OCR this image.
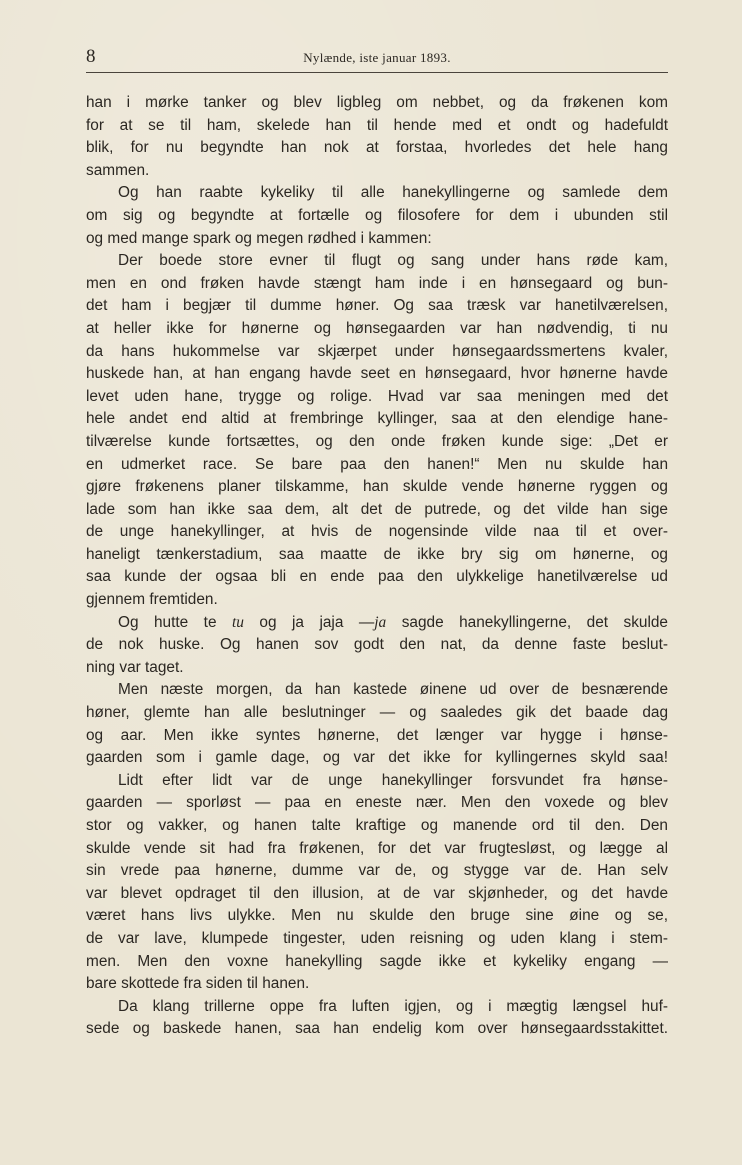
8	Nylænde, iste januar 1893.
han i mørke tanker og blev ligbleg om nebbet, og da frøkenen kom
for at se til ham, skelede han til hende med et ondt og hadefuldt
blik, for nu begyndte han nok at forstaa, hvorledes det hele hang
sammen.
Og han raabte kykeliky til alle hanekyllingerne og samlede dem
om sig og begyndte at fortælle og filosofere for dem i ubunden stil
og med mange spark og megen rødhed i kammen:
Der boede store evner til flugt og sang under hans røde kam,
men en ond frøken havde stængt ham inde i en hønsegaard og bun-
det ham i begjær til dumme høner. Og saa træsk var hanetilværelsen,
at heller ikke for hønerne og hønsegaarden var han nødvendig, ti nu
da hans hukommelse var skjærpet under hønsegaardssmertens kvaler,
huskede han, at han engang havde seet en hønsegaard, hvor hønerne havde
levet uden hane, trygge og rolige. Hvad var saa meningen med det
hele andet end altid at frembringe kyllinger, saa at den elendige hane-
tilværelse kunde fortsættes, og den onde frøken kunde sige: „Det er
en udmerket race. Se bare paa den hanen!“ Men nu skulde han
gjøre frøkenens planer tilskamme, han skulde vende hønerne ryggen og
lade som han ikke saa dem, alt det de putrede, og det vilde han sige
de unge hanekyllinger, at hvis de nogensinde vilde naa til et over-
haneligt tænkerstadium, saa maatte de ikke bry sig om hønerne, og
saa kunde der ogsaa bli en ende paa den ulykkelige hanetilværelse ud
gjennem fremtiden.
Og hutte te tu og ja jaja —ja sagde hanekyllingerne, det skulde
de nok huske. Og hanen sov godt den nat, da denne faste beslut-
ning var taget.
Men næste morgen, da han kastede øinene ud over de besnærende
høner, glemte han alle beslutninger — og saaledes gik det baade dag
og aar. Men ikke syntes hønerne, det længer var hygge i hønse-
gaarden som i gamle dage, og var det ikke for kyllingernes skyld saa!
Lidt efter lidt var de unge hanekyllinger forsvundet fra hønse-
gaarden — sporløst — paa en eneste nær. Men den voxede og blev
stor og vakker, og hanen talte kraftige og manende ord til den. Den
skulde vende sit had fra frøkenen, for det var frugtesløst, og lægge al
sin vrede paa hønerne, dumme var de, og stygge var de. Han selv
var blevet opdraget til den illusion, at de var skjønheder, og det havde
været hans livs ulykke. Men nu skulde den bruge sine øine og se,
de var lave, klumpede tingester, uden reisning og uden klang i stem-
men. Men den voxne hanekylling sagde ikke et kykeliky engang —
bare skottede fra siden til hanen.
Da klang trillerne oppe fra luften igjen, og i mægtig længsel huf-
sede og baskede hanen, saa han endelig kom over hønsegaardsstakittet.
